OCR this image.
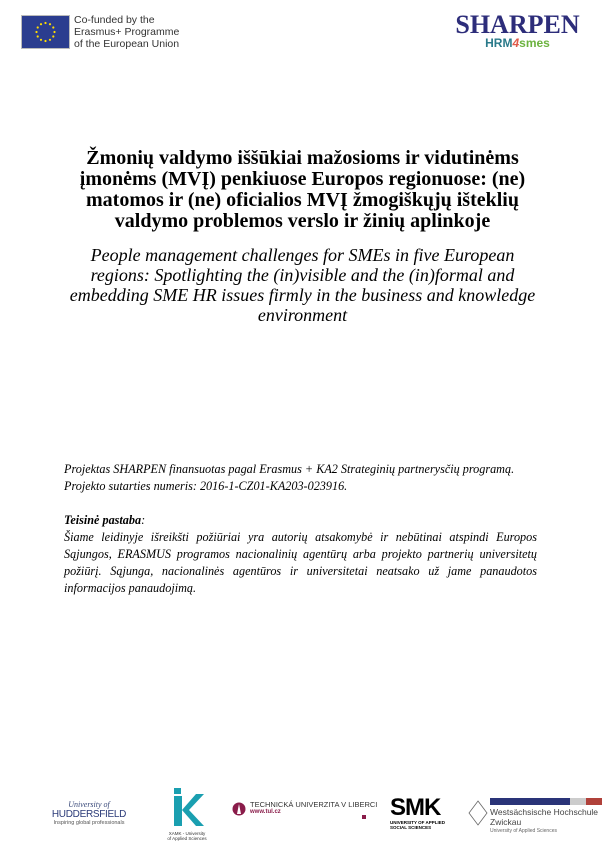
Co-funded by the
Erasmus+ Programme
of the European Union
SHARPEN
HRM4smes
Žmonių valdymo iššūkiai mažosioms ir vidutinėms
įmonėms (MVĮ) penkiuose Europos regionuose: (ne)
matomos ir (ne) oficialios MVĮ žmogiškųjų išteklių
valdymo problemos verslo ir žinių aplinkoje
People management challenges for SMEs in five European
regions: Spotlighting the (in)visible and the (in)formal and
embedding SME HR issues firmly in the business and knowledge
environment

Projektas SHARPEN finansuotas pagal Erasmus + KA2 Strateginių partnerysčių programą.

Projekto sutarties numeris: 2016-1-CZ01-KA203-023916.

Teisinė pastaba:

Šiame leidinyje išreikšti požiūriai yra autorių atsakomybė ir nebūtinai atspindi Europos Sąjungos, ERASMUS programos nacionalinių agentūrų arba projekto partnerių universitetų požiūrį. Sąjunga, nacionalinės agentūros ir universitetai neatsako už jame panaudotos informacijos panaudojimą.

University of
HUDDERSFIELD
Inspiring global professionals
XAMK - University
of Applied Sciences
TECHNICKÁ UNIVERZITA V LIBERCI
www.tul.cz	SMK
UNIVERSITY OF APPLIED
SOCIAL SCIENCES
Westsächsische Hochschule Zwickau
University of Applied Sciences
